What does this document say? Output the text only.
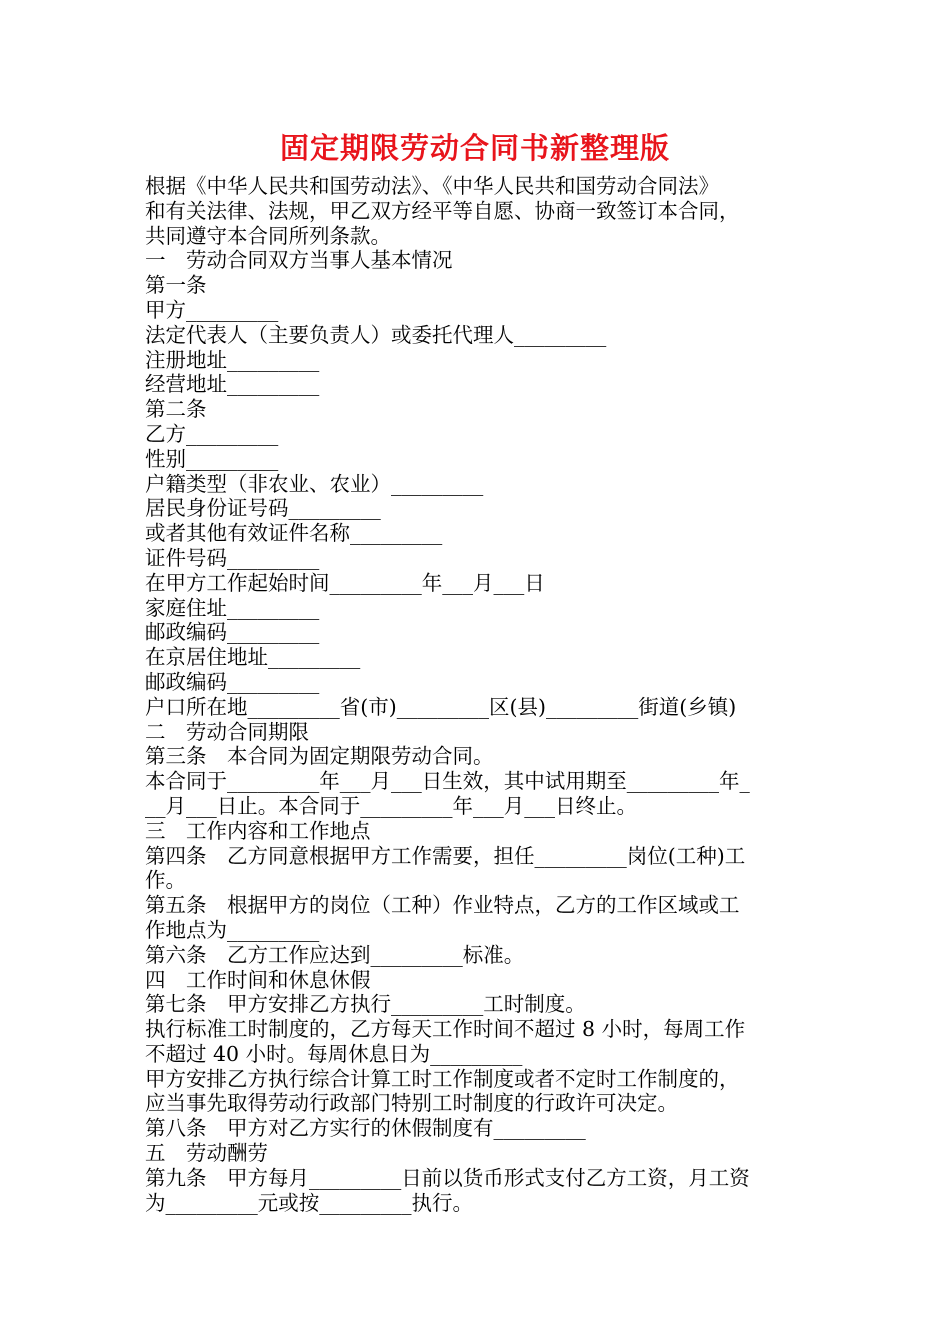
固定期限劳动合同书新整理版
根据《中华人民共和国劳动法》、《中华人民共和国劳动合同法》
和有关法律、法规，甲乙双方经平等自愿、协商一致签订本合同，
共同遵守本合同所列条款。
一　劳动合同双方当事人基本情况
第一条
甲方_________
法定代表人（主要负责人）或委托代理人_________
注册地址_________
经营地址_________
第二条
乙方_________
性别_________
户籍类型（非农业、农业）_________
居民身份证号码_________
或者其他有效证件名称_________
证件号码_________
在甲方工作起始时间_________年___月___日
家庭住址_________
邮政编码_________
在京居住地址_________
邮政编码_________
户口所在地_________省(市)_________区(县)_________街道(乡镇)
二　劳动合同期限
第三条　本合同为固定期限劳动合同。
本合同于_________年___月___日生效，其中试用期至_________年_
__月___日止。本合同于_________年___月___日终止。
三　工作内容和工作地点
第四条　乙方同意根据甲方工作需要，担任_________岗位(工种)工
作。
第五条　根据甲方的岗位（工种）作业特点，乙方的工作区域或工
作地点为_________
第六条　乙方工作应达到_________标准。
四　工作时间和休息休假
第七条　甲方安排乙方执行_________工时制度。
执行标准工时制度的，乙方每天工作时间不超过 8 小时，每周工作
不超过 40 小时。每周休息日为_________
甲方安排乙方执行综合计算工时工作制度或者不定时工作制度的，
应当事先取得劳动行政部门特别工时制度的行政许可决定。
第八条　甲方对乙方实行的休假制度有_________
五　劳动酬劳
第九条　甲方每月_________日前以货币形式支付乙方工资，月工资
为_________元或按_________执行。
